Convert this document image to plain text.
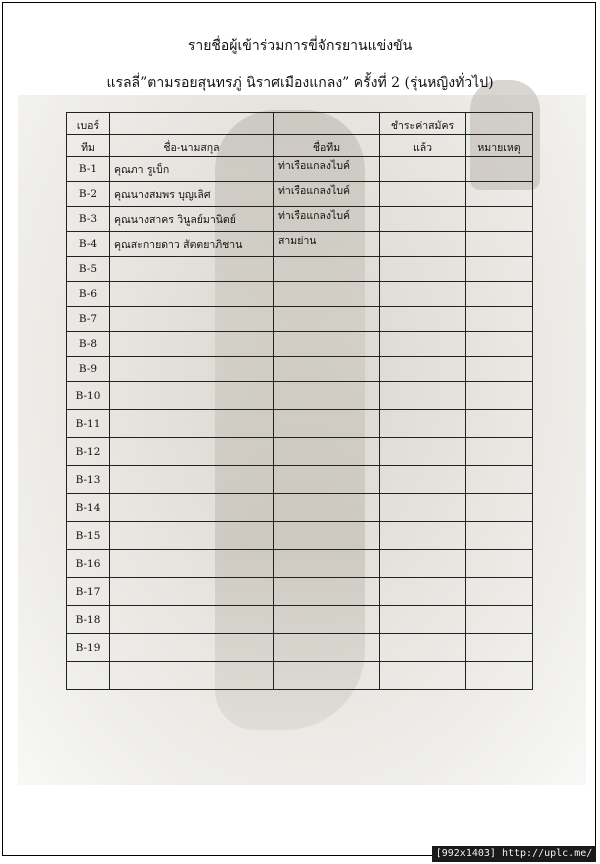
รายชื่อผู้เข้าร่วมการขี่จักรยานแข่งขัน
แรลลี่”ตามรอยสุนทรภู่ นิราศเมืองแกลง” ครั้งที่ 2 (รุ่นหญิงทั่วไป)
เบอร์			ชำระค่าสมัคร	
ทีม	ชื่อ-นามสกุล	ชื่อทีม	แล้ว	หมายเหตุ
B-1	คุณภา รูเบ็ก	ท่าเรือแกลงไบค์		
B-2	คุณนางสมพร บุญเลิศ	ท่าเรือแกลงไบค์		
B-3	คุณนางสาคร วินูลย์มานิตย์	ท่าเรือแกลงไบค์		
B-4	คุณสะกายดาว สัตตยาภิชาน	สามย่าน		
B-5				
B-6				
B-7				
B-8				
B-9				
B-10				
B-11				
B-12				
B-13				
B-14				
B-15				
B-16				
B-17				
B-18				
B-19				

[992x1403] http://uplc.me/
